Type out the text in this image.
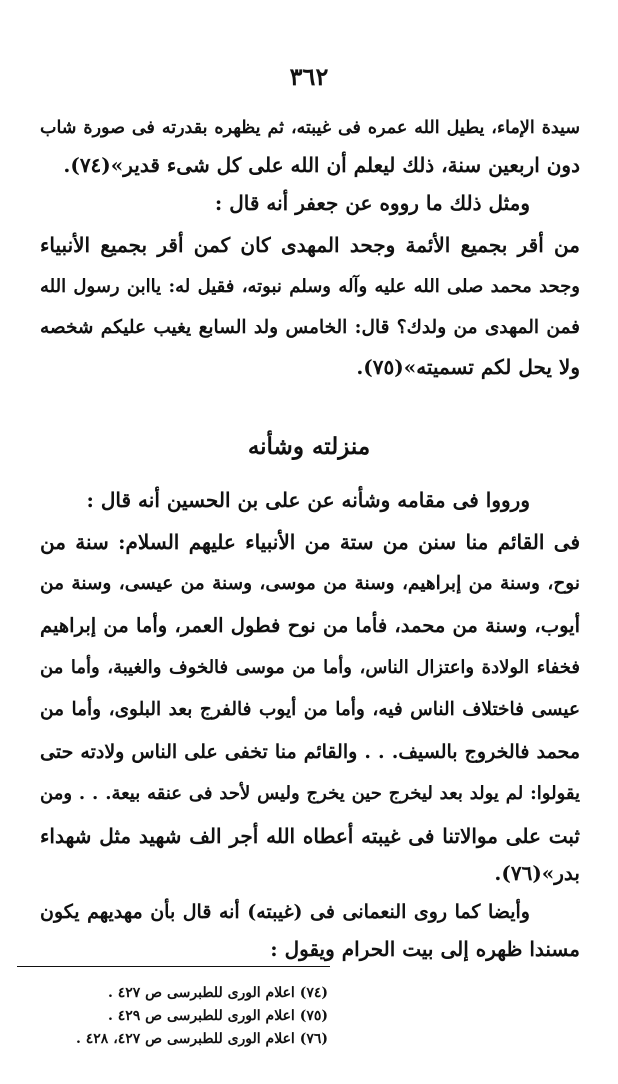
٣٦٢
سيدة الإماء، يطيل الله عمره فى غيبته، ثم يظهره بقدرته فى صورة شاب
دون اربعين سنة، ذلك ليعلم أن الله على كل شىء قدير»(٧٤).
ومثل ذلك ما رووه عن جعفر أنه قال :
من أقر بجميع الأئمة وجحد المهدى كان كمن أقر بجميع الأنبياء
وجحد محمد صلى الله عليه وآله وسلم نبوته، فقيل له: ياابن رسول الله
فمن المهدى من ولدك؟ قال: الخامس ولد السابع يغيب عليكم شخصه
ولا يحل لكم تسميته»(٧٥).
منزلته وشأنه
ورووا فى مقامه وشأنه عن على بن الحسين أنه قال :
فى القائم منا سنن من ستة من الأنبياء عليهم السلام: سنة من
نوح، وسنة من إبراهيم، وسنة من موسى، وسنة من عيسى، وسنة من
أيوب، وسنة من محمد، فأما من نوح فطول العمر، وأما من إبراهيم
فخفاء الولادة واعتزال الناس، وأما من موسى فالخوف والغيبة، وأما من
عيسى فاختلاف الناس فيه، وأما من أيوب فالفرج بعد البلوى، وأما من
محمد فالخروج بالسيف. . . والقائم منا تخفى على الناس ولادته حتى
يقولوا: لم يولد بعد ليخرج حين يخرج وليس لأحد فى عنقه بيعة. . . ومن
ثبت على موالاتنا فى غيبته أعطاه الله أجر الف شهيد مثل شهداء
بدر»(٧٦).
وأيضا كما روى النعمانى فى (غيبته) أنه قال بأن مهديهم يكون
مسندا ظهره إلى بيت الحرام ويقول :
(٧٤) اعلام الورى للطبرسى ص ٤٢٧ .
(٧٥) اعلام الورى للطبرسى ص ٤٢٩ .
(٧٦) اعلام الورى للطبرسى ص ٤٢٧، ٤٢٨ .
